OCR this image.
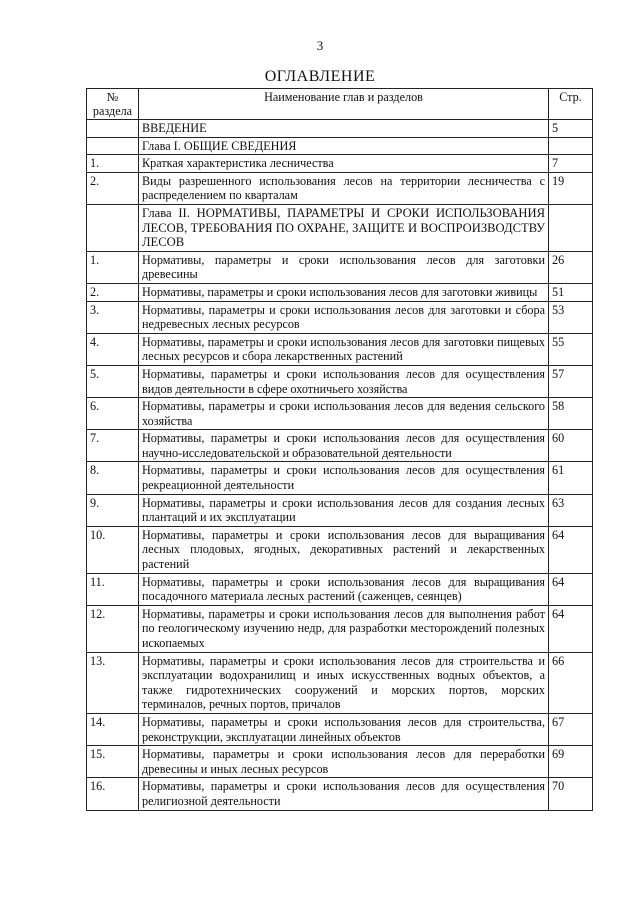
3
ОГЛАВЛЕНИЕ
№ раздела	Наименование глав и разделов	Стр.
	ВВЕДЕНИЕ	5
	Глава I. ОБЩИЕ СВЕДЕНИЯ	
1.	Краткая характеристика лесничества	7
2.	Виды разрешенного использования лесов на территории лесничества с распределением по кварталам	19
	Глава II. НОРМАТИВЫ, ПАРАМЕТРЫ И СРОКИ ИСПОЛЬЗОВАНИЯ ЛЕСОВ, ТРЕБОВАНИЯ ПО ОХРАНЕ, ЗАЩИТЕ И ВОСПРОИЗВОДСТВУ ЛЕСОВ	
1.	Нормативы, параметры и сроки использования лесов для заготовки древесины	26
2.	Нормативы, параметры и сроки использования лесов для заготовки живицы	51
3.	Нормативы, параметры и сроки использования лесов для заготовки и сбора недревесных лесных ресурсов	53
4.	Нормативы, параметры и сроки использования лесов для заготовки пищевых лесных ресурсов и сбора лекарственных растений	55
5.	Нормативы, параметры и сроки использования лесов для осуществления видов деятельности в сфере охотничьего хозяйства	57
6.	Нормативы, параметры и сроки использования лесов для ведения сельского хозяйства	58
7.	Нормативы, параметры и сроки использования лесов для осуществления научно-исследовательской и образовательной деятельности	60
8.	Нормативы, параметры и сроки использования лесов для осуществления рекреационной деятельности	61
9.	Нормативы, параметры и сроки использования лесов для создания лесных плантаций и их эксплуатации	63
10.	Нормативы, параметры и сроки использования лесов для выращивания лесных плодовых, ягодных, декоративных растений и лекарственных растений	64
11.	Нормативы, параметры и сроки использования лесов для выращивания посадочного материала лесных растений (саженцев, сеянцев)	64
12.	Нормативы, параметры и сроки использования лесов для выполнения работ по геологическому изучению недр, для разработки месторождений полезных ископаемых	64
13.	Нормативы, параметры и сроки использования лесов для строительства и эксплуатации водохранилищ и иных искусственных водных объектов, а также гидротехнических сооружений и морских портов, морских терминалов, речных портов, причалов	66
14.	Нормативы, параметры и сроки использования лесов для строительства, реконструкции, эксплуатации линейных объектов	67
15.	Нормативы, параметры и сроки использования лесов для переработки древесины и иных лесных ресурсов	69
16.	Нормативы, параметры и сроки использования лесов для осуществления религиозной деятельности	70
